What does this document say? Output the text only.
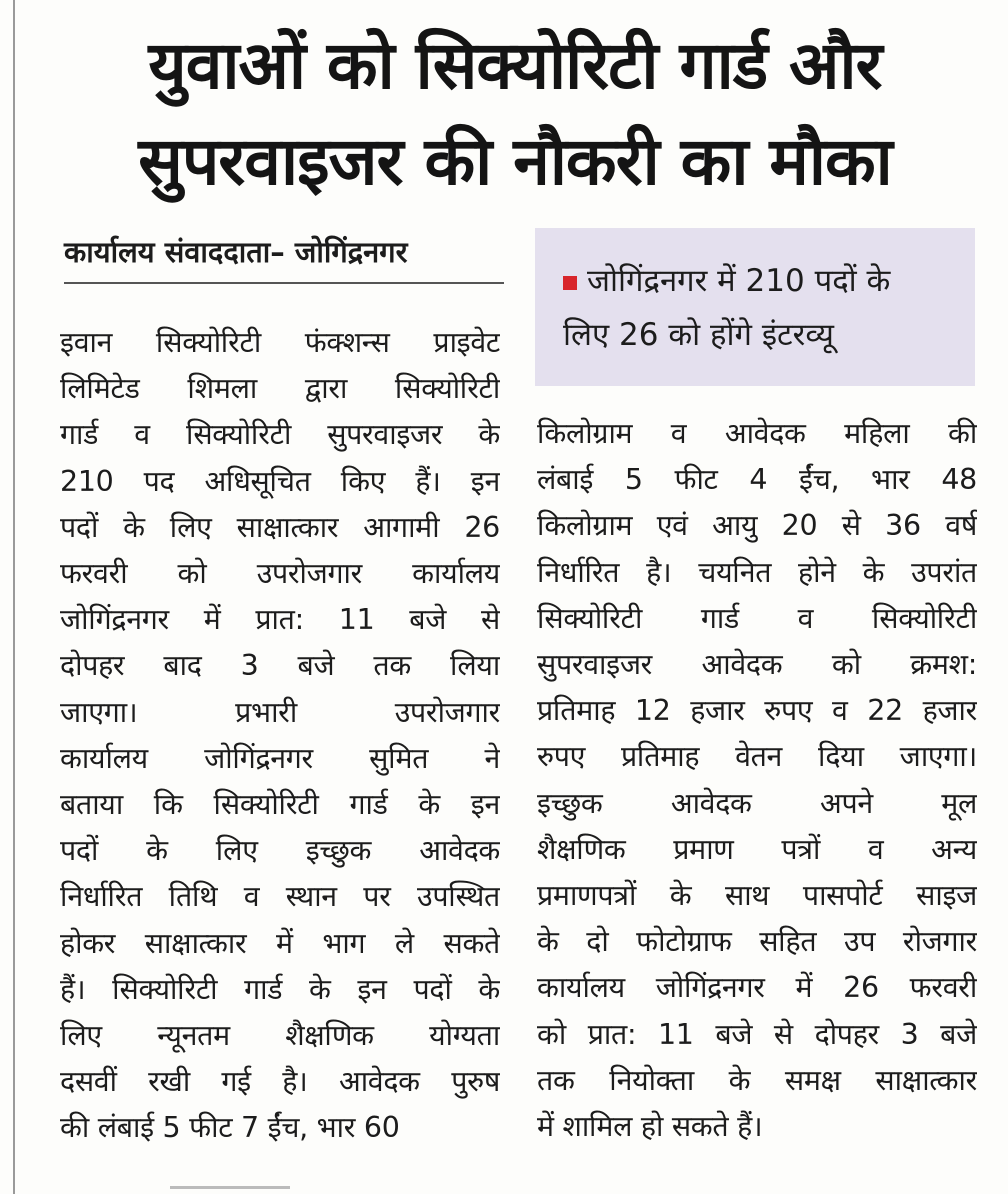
युवाओं को सिक्योरिटी गार्ड और
सुपरवाइजर की नौकरी का मौका
कार्यालय संवाददाता– जोगिंद्रनगर
जोगिंद्रनगर में 210 पदों के
लिए 26 को होंगे इंटरव्यू
इवान सिक्योरिटी फंक्शन्स प्राइवेट
लिमिटेड शिमला द्वारा सिक्योरिटी
गार्ड व सिक्योरिटी सुपरवाइजर के
210 पद अधिसूचित किए हैं। इन
पदों के लिए साक्षात्कार आगामी 26
फरवरी को उपरोजगार कार्यालय
जोगिंद्रनगर में प्रात: 11 बजे से
दोपहर बाद 3 बजे तक लिया
जाएगा। प्रभारी उपरोजगार
कार्यालय जोगिंद्रनगर सुमित ने
बताया कि सिक्योरिटी गार्ड के इन
पदों के लिए इच्छुक आवेदक
निर्धारित तिथि व स्थान पर उपस्थित
होकर साक्षात्कार में भाग ले सकते
हैं। सिक्योरिटी गार्ड के इन पदों के
लिए न्यूनतम शैक्षणिक योग्यता
दसवीं रखी गई है। आवेदक पुरुष
की लंबाई 5 फीट 7 ईंच, भार 60
किलोग्राम व आवेदक महिला की
लंबाई 5 फीट 4 ईंच, भार 48
किलोग्राम एवं आयु 20 से 36 वर्ष
निर्धारित है। चयनित होने के उपरांत
सिक्योरिटी गार्ड व सिक्योरिटी
सुपरवाइजर आवेदक को क्रमश:
प्रतिमाह 12 हजार रुपए व 22 हजार
रुपए प्रतिमाह वेतन दिया जाएगा।
इच्छुक आवेदक अपने मूल
शैक्षणिक प्रमाण पत्रों व अन्य
प्रमाणपत्रों के साथ पासपोर्ट साइज
के दो फोटोग्राफ सहित उप रोजगार
कार्यालय जोगिंद्रनगर में 26 फरवरी
को प्रात: 11 बजे से दोपहर 3 बजे
तक नियोक्ता के समक्ष साक्षात्कार
में शामिल हो सकते हैं।
